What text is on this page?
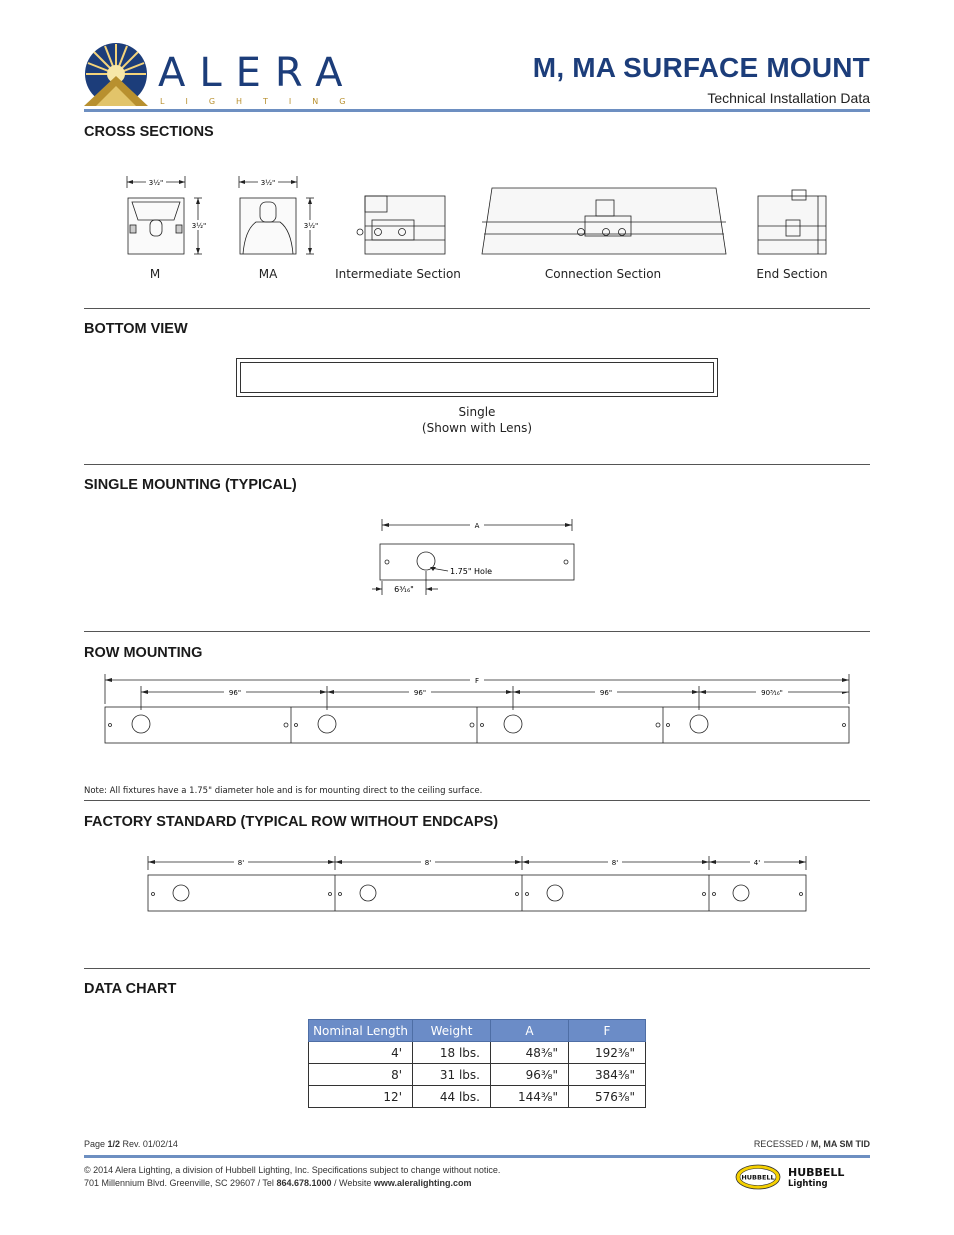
ALERA
LIGHTING
M, MA SURFACE MOUNT
Technical Installation Data
CROSS SECTIONS
3½"	3½"
3½"	3½"
M	MA	Intermediate Section	Connection Section	End Section
BOTTOM VIEW
Single
(Shown with Lens)
SINGLE MOUNTING (TYPICAL)
A
1.75" Hole
6³⁄₁₆"
ROW MOUNTING
F
96"	96"	96"	90³⁄₁₆"
Note: All fixtures have a 1.75" diameter hole and is for mounting direct to the ceiling surface.
FACTORY STANDARD (TYPICAL ROW WITHOUT ENDCAPS)
8'	8'	8'	4'
DATA CHART
Nominal Length	Weight	A	F
4'	18 lbs.	48³⁄₈"	192³⁄₈"
8'	31 lbs.	96³⁄₈"	384³⁄₈"
12'	44 lbs.	144³⁄₈"	576³⁄₈"
Page 1/2 Rev. 01/02/14	RECESSED / M, MA SM TID
© 2014 Alera Lighting, a division of Hubbell Lighting, Inc. Specifications subject to change without notice.
701 Millennium Blvd. Greenville, SC 29607 / Tel 864.678.1000 / Website www.aleralighting.com
HUBBELL HUBBELL
Lighting
